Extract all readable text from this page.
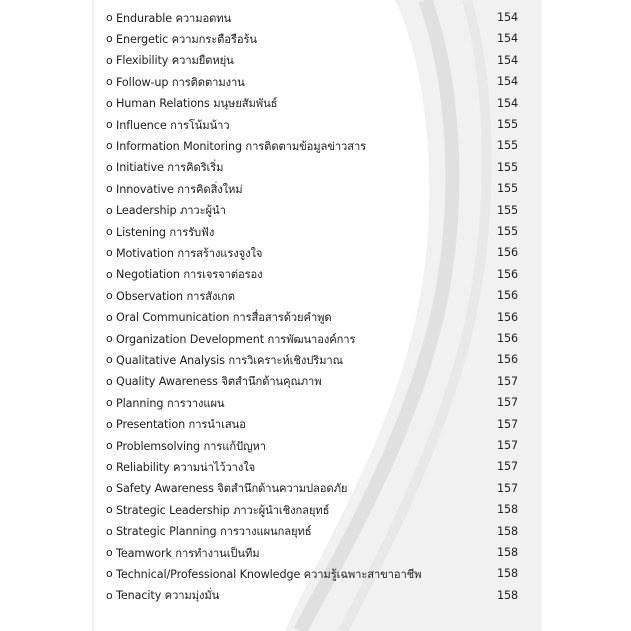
o Endurable ความอดทน	154
o Energetic ความกระตือรือร้น	154
o Flexibility ความยืดหยุ่น	154
o Follow-up การติดตามงาน	154
o Human Relations มนุษยสัมพันธ์	154
o Influence การโน้มน้าว	155
o Information Monitoring การติดตามข้อมูลข่าวสาร	155
o Initiative การคิดริเริ่ม	155
o Innovative การคิดสิ่งใหม่	155
o Leadership ภาวะผู้นำ	155
o Listening การรับฟัง	155
o Motivation การสร้างแรงจูงใจ	156
o Negotiation การเจรจาต่อรอง	156
o Observation การสังเกต	156
o Oral Communication การสื่อสารด้วยคำพูด	156
o Organization Development การพัฒนาองค์การ	156
o Qualitative Analysis การวิเคราะห์เชิงปริมาณ	156
o Quality Awareness จิตสำนึกด้านคุณภาพ	157
o Planning การวางแผน	157
o Presentation การนำเสนอ	157
o Problemsolving การแก้ปัญหา	157
o Reliability ความน่าไว้วางใจ	157
o Safety Awareness จิตสำนึกด้านความปลอดภัย	157
o Strategic Leadership ภาวะผู้นำเชิงกลยุทธ์	158
o Strategic Planning การวางแผนกลยุทธ์	158
o Teamwork การทำงานเป็นทีม	158
o Technical/Professional Knowledge ความรู้เฉพาะสาขาอาชีพ	158
o Tenacity ความมุ่งมั่น	158
